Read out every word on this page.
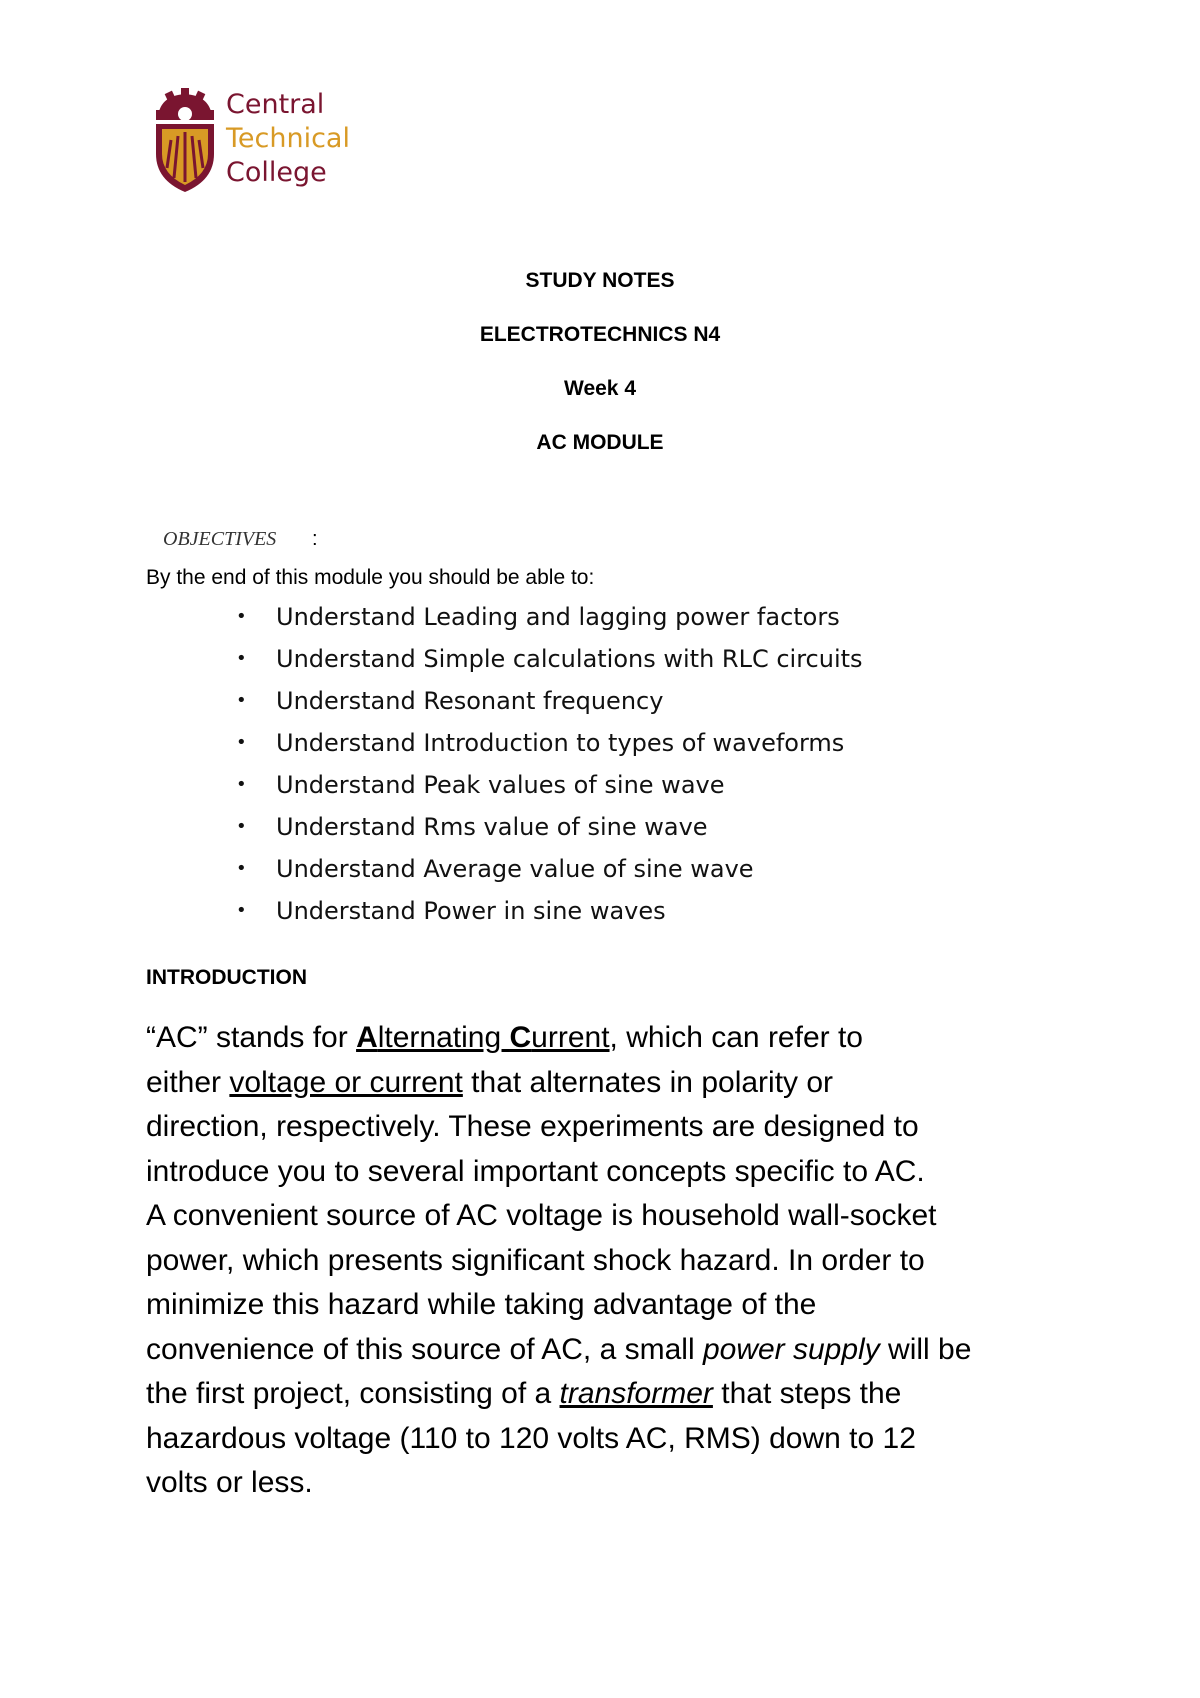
Central
Technical
College
STUDY NOTES
ELECTROTECHNICS N4
Week 4
AC MODULE
OBJECTIVES :
By the end of this module you should be able to:
• Understand Leading and lagging power factors
• Understand Simple calculations with RLC circuits
• Understand Resonant frequency
• Understand Introduction to types of waveforms
• Understand Peak values of sine wave
• Understand Rms value of sine wave
• Understand Average value of sine wave
• Understand Power in sine waves
INTRODUCTION
“AC” stands for Alternating Current, which can refer to
either voltage or current that alternates in polarity or
direction, respectively. These experiments are designed to
introduce you to several important concepts specific to AC.
A convenient source of AC voltage is household wall-socket
power, which presents significant shock hazard. In order to
minimize this hazard while taking advantage of the
convenience of this source of AC, a small power supply will be
the first project, consisting of a transformer that steps the
hazardous voltage (110 to 120 volts AC, RMS) down to 12
volts or less.
